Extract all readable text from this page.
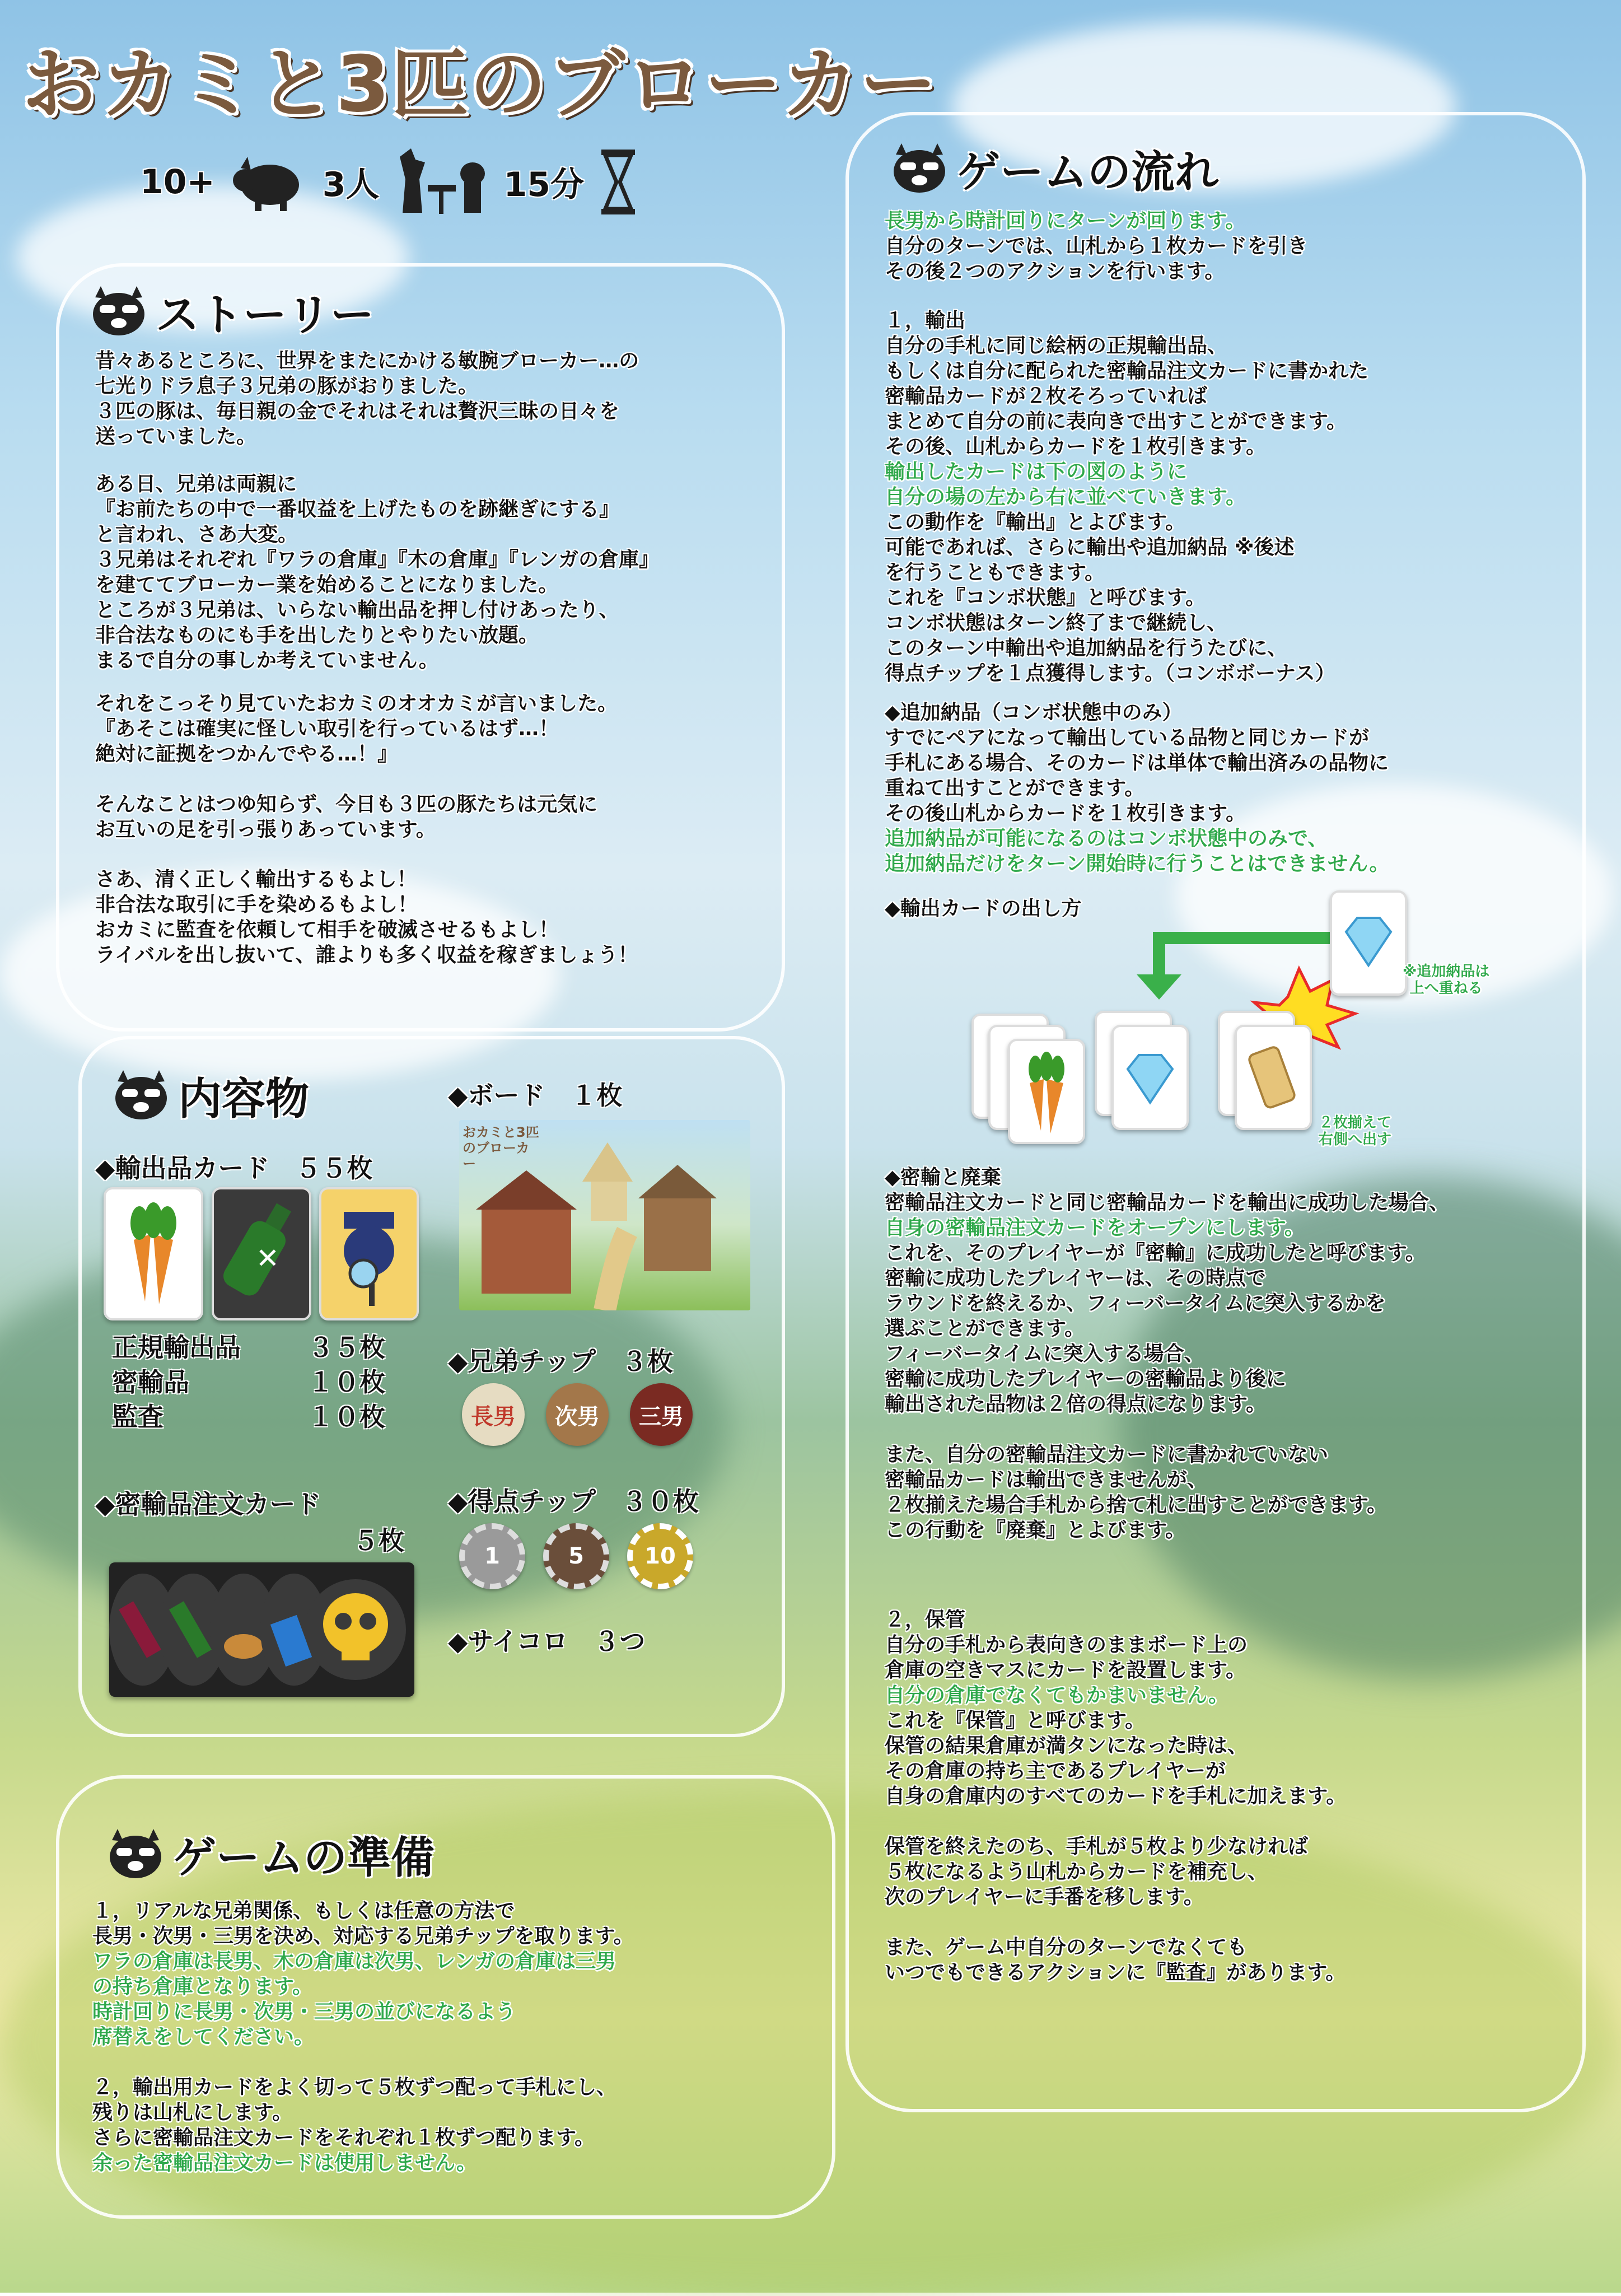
おカミと3匹のブローカー
10+	3人	15分
ストーリー
昔々あるところに、世界をまたにかける敏腕ブローカー…の
七光りドラ息子３兄弟の豚がおりました。
３匹の豚は、毎日親の金でそれはそれは贅沢三昧の日々を
送っていました。
ある日、兄弟は両親に
『お前たちの中で一番収益を上げたものを跡継ぎにする』
と言われ、さあ大変。
３兄弟はそれぞれ『ワラの倉庫』『木の倉庫』『レンガの倉庫』
を建ててブローカー業を始めることになりました。
ところが３兄弟は、いらない輸出品を押し付けあったり、
非合法なものにも手を出したりとやりたい放題。
まるで自分の事しか考えていません。
それをこっそり見ていたおカミのオオカミが言いました。
『あそこは確実に怪しい取引を行っているはず…！
絶対に証拠をつかんでやる…！』
そんなことはつゆ知らず、今日も３匹の豚たちは元気に
お互いの足を引っ張りあっています。
さあ、清く正しく輸出するもよし！
非合法な取引に手を染めるもよし！
おカミに監査を依頼して相手を破滅させるもよし！
ライバルを出し抜いて、誰よりも多く収益を稼ぎましょう！
内容物
◆輸出品カード　５５枚
✕
正規輸出品	３５枚
密輸品	１０枚
監査	１０枚
◆密輸品注文カード
５枚
◆ボード　１枚
おカミと3匹のブローカー
◆兄弟チップ　３枚
長男	次男	三男
◆得点チップ　３０枚
1	5	10
◆サイコロ　３つ
ゲームの準備
１，リアルな兄弟関係、もしくは任意の方法で
長男・次男・三男を決め、対応する兄弟チップを取ります。
ワラの倉庫は長男、木の倉庫は次男、レンガの倉庫は三男
の持ち倉庫となります。
時計回りに長男・次男・三男の並びになるよう
席替えをしてください。
２，輸出用カードをよく切って５枚ずつ配って手札にし、
残りは山札にします。
さらに密輸品注文カードをそれぞれ１枚ずつ配ります。
余った密輸品注文カードは使用しません。
ゲームの流れ
長男から時計回りにターンが回ります。
自分のターンでは、山札から１枚カードを引き
その後２つのアクションを行います。
１，輸出
自分の手札に同じ絵柄の正規輸出品、
もしくは自分に配られた密輸品注文カードに書かれた
密輸品カードが２枚そろっていれば
まとめて自分の前に表向きで出すことができます。
その後、山札からカードを１枚引きます。
輸出したカードは下の図のように
自分の場の左から右に並べていきます。
この動作を『輸出』とよびます。
可能であれば、さらに輸出や追加納品 ※後述
を行うこともできます。
これを『コンボ状態』と呼びます。
コンボ状態はターン終了まで継続し、
このターン中輸出や追加納品を行うたびに、
得点チップを１点獲得します。（コンボボーナス）
◆追加納品（コンボ状態中のみ）
すでにペアになって輸出している品物と同じカードが
手札にある場合、そのカードは単体で輸出済みの品物に
重ねて出すことができます。
その後山札からカードを１枚引きます。
追加納品が可能になるのはコンボ状態中のみで、
追加納品だけをターン開始時に行うことはできません。
◆輸出カードの出し方
※追加納品は
上へ重ねる
２枚揃えて
右側へ出す
◆密輸と廃棄
密輸品注文カードと同じ密輸品カードを輸出に成功した場合、
自身の密輸品注文カードをオープンにします。
これを、そのプレイヤーが『密輸』に成功したと呼びます。
密輸に成功したプレイヤーは、その時点で
ラウンドを終えるか、フィーバータイムに突入するかを
選ぶことができます。
フィーバータイムに突入する場合、
密輸に成功したプレイヤーの密輸品より後に
輸出された品物は２倍の得点になります。
また、自分の密輸品注文カードに書かれていない
密輸品カードは輸出できませんが、
２枚揃えた場合手札から捨て札に出すことができます。
この行動を『廃棄』とよびます。
２，保管
自分の手札から表向きのままボード上の
倉庫の空きマスにカードを設置します。
自分の倉庫でなくてもかまいません。
これを『保管』と呼びます。
保管の結果倉庫が満タンになった時は、
その倉庫の持ち主であるプレイヤーが
自身の倉庫内のすべてのカードを手札に加えます。
保管を終えたのち、手札が５枚より少なければ
５枚になるよう山札からカードを補充し、
次のプレイヤーに手番を移します。
また、ゲーム中自分のターンでなくても
いつでもできるアクションに『監査』があります。
